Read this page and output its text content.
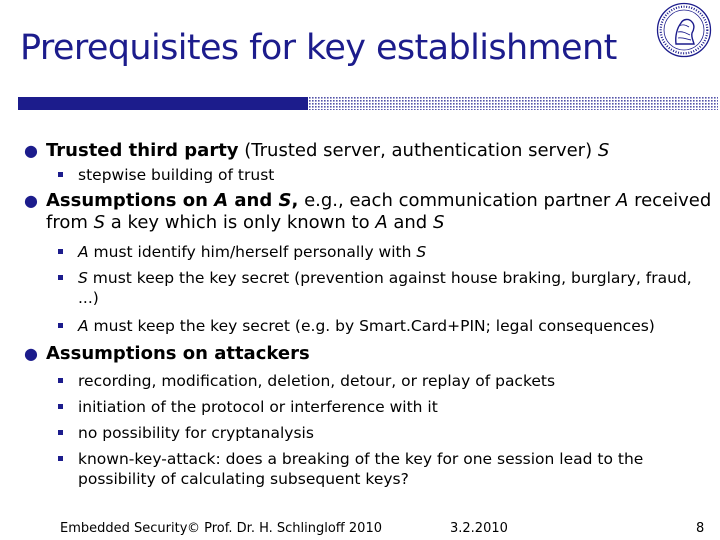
Prerequisites for key establishment
● Trusted third party (Trusted server, authentication server) S
stepwise building of trust
● Assumptions on A and S, e.g., each communication partner A received from S a key which is only known to A and S
A must identify him/herself personally with S
S must keep the key secret (prevention against house braking, burglary, fraud, ...)
A must keep the key secret (e.g. by Smart.Card+PIN; legal consequences)
● Assumptions on attackers
recording, modification, deletion, detour, or replay of packets
initiation of the protocol or interference with it
no possibility for cryptanalysis
known-key-attack: does a breaking of the key for one session lead to the possibility of calculating subsequent keys?
Embedded Security © Prof. Dr. H. Schlingloff 2010	3.2.2010	8
